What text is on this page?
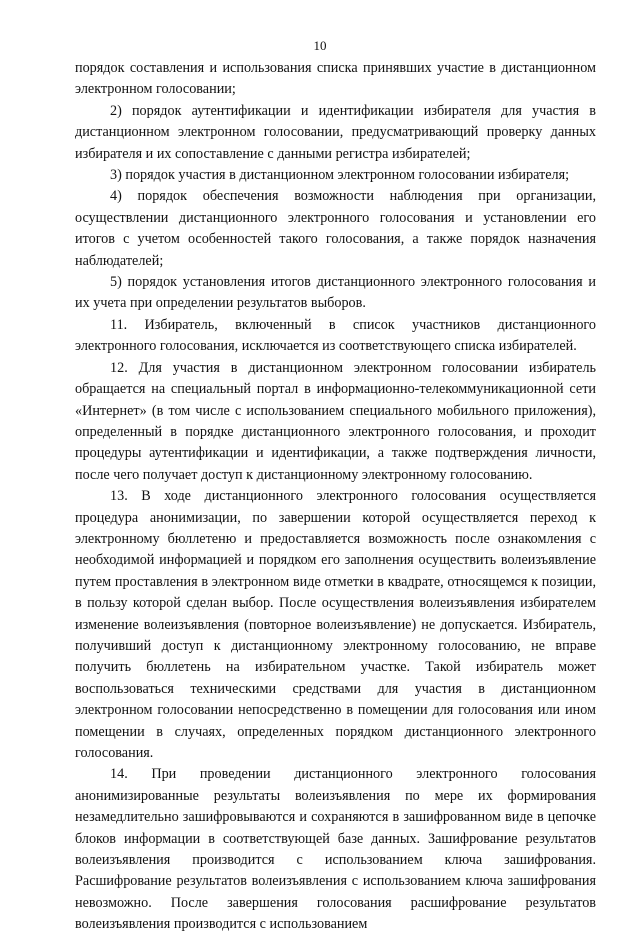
10

порядок составления и использования списка принявших участие в дистанционном электронном голосовании;

2) порядок аутентификации и идентификации избирателя для участия в дистанционном электронном голосовании, предусматривающий проверку данных избирателя и их сопоставление с данными регистра избирателей;

3) порядок участия в дистанционном электронном голосовании избирателя;

4) порядок обеспечения возможности наблюдения при организации, осуществлении дистанционного электронного голосования и установлении его итогов с учетом особенностей такого голосования, а также порядок назначения наблюдателей;

5) порядок установления итогов дистанционного электронного голосования и их учета при определении результатов выборов.

11. Избиратель, включенный в список участников дистанционного электронного голосования, исключается из соответствующего списка избирателей.

12. Для участия в дистанционном электронном голосовании избиратель обращается на специальный портал в информационно-телекоммуникационной сети «Интернет» (в том числе с использованием специального мобильного приложения), определенный в порядке дистанционного электронного голосования, и проходит процедуры аутентификации и идентификации, а также подтверждения личности, после чего получает доступ к дистанционному электронному голосованию.

13. В ходе дистанционного электронного голосования осуществляется процедура анонимизации, по завершении которой осуществляется переход к электронному бюллетеню и предоставляется возможность после ознакомления с необходимой информацией и порядком его заполнения осуществить волеизъявление путем проставления в электронном виде отметки в квадрате, относящемся к позиции, в пользу которой сделан выбор. После осуществления волеизъявления избирателем изменение волеизъявления (повторное волеизъявление) не допускается. Избиратель, получивший доступ к дистанционному электронному голосованию, не вправе получить бюллетень на избирательном участке. Такой избиратель может воспользоваться техническими средствами для участия в дистанционном электронном голосовании непосредственно в помещении для голосования или ином помещении в случаях, определенных порядком дистанционного электронного голосования.

14. При проведении дистанционного электронного голосования анонимизированные результаты волеизъявления по мере их формирования незамедлительно зашифровываются и сохраняются в зашифрованном виде в цепочке блоков информации в соответствующей базе данных. Зашифрование результатов волеизъявления производится с использованием ключа зашифрования. Расшифрование результатов волеизъявления с использованием ключа зашифрования невозможно. После завершения голосования расшифрование результатов волеизъявления производится с использованием
